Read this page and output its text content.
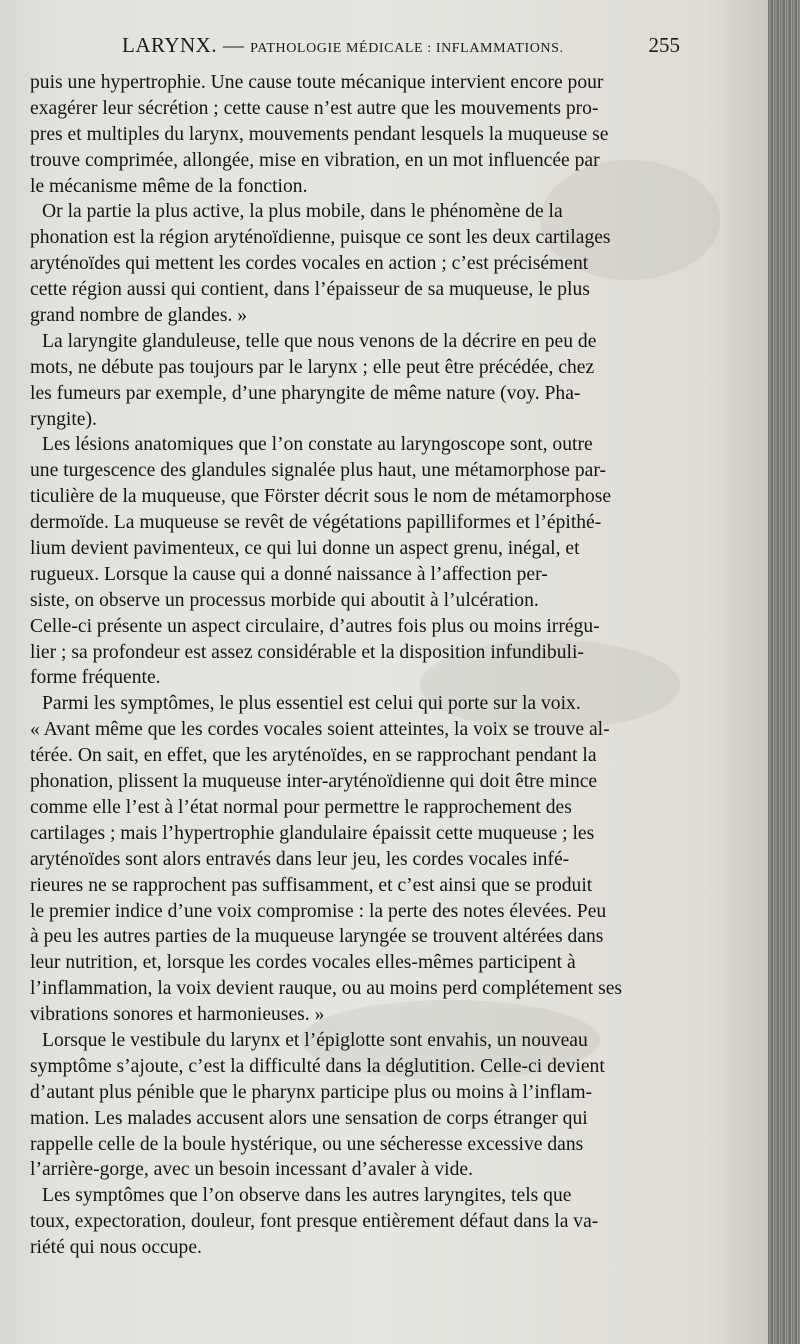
LARYNX. — PATHOLOGIE MÉDICALE : INFLAMMATIONS.	255
puis une hypertrophie. Une cause toute mécanique intervient encore pour
exagérer leur sécrétion ; cette cause n’est autre que les mouvements pro-
pres et multiples du larynx, mouvements pendant lesquels la muqueuse se
trouve comprimée, allongée, mise en vibration, en un mot influencée par
le mécanisme même de la fonction.
Or la partie la plus active, la plus mobile, dans le phénomène de la
phonation est la région aryténoïdienne, puisque ce sont les deux cartilages
aryténoïdes qui mettent les cordes vocales en action ; c’est précisément
cette région aussi qui contient, dans l’épaisseur de sa muqueuse, le plus
grand nombre de glandes. »
La laryngite glanduleuse, telle que nous venons de la décrire en peu de
mots, ne débute pas toujours par le larynx ; elle peut être précédée, chez
les fumeurs par exemple, d’une pharyngite de même nature (voy. Pha-
ryngite).
Les lésions anatomiques que l’on constate au laryngoscope sont, outre
une turgescence des glandules signalée plus haut, une métamorphose par-
ticulière de la muqueuse, que Förster décrit sous le nom de métamorphose
dermoïde. La muqueuse se revêt de végétations papilliformes et l’épithé-
lium devient pavimenteux, ce qui lui donne un aspect grenu, inégal, et
rugueux. Lorsque la cause qui a donné naissance à l’affection per-
siste, on observe un processus morbide qui aboutit à l’ulcération.
Celle-ci présente un aspect circulaire, d’autres fois plus ou moins irrégu-
lier ; sa profondeur est assez considérable et la disposition infundibuli-
forme fréquente.
Parmi les symptômes, le plus essentiel est celui qui porte sur la voix.
« Avant même que les cordes vocales soient atteintes, la voix se trouve al-
térée. On sait, en effet, que les aryténoïdes, en se rapprochant pendant la
phonation, plissent la muqueuse inter-aryténoïdienne qui doit être mince
comme elle l’est à l’état normal pour permettre le rapprochement des
cartilages ; mais l’hypertrophie glandulaire épaissit cette muqueuse ; les
aryténoïdes sont alors entravés dans leur jeu, les cordes vocales infé-
rieures ne se rapprochent pas suffisamment, et c’est ainsi que se produit
le premier indice d’une voix compromise : la perte des notes élevées. Peu
à peu les autres parties de la muqueuse laryngée se trouvent altérées dans
leur nutrition, et, lorsque les cordes vocales elles-mêmes participent à
l’inflammation, la voix devient rauque, ou au moins perd complétement ses
vibrations sonores et harmonieuses. »
Lorsque le vestibule du larynx et l’épiglotte sont envahis, un nouveau
symptôme s’ajoute, c’est la difficulté dans la déglutition. Celle-ci devient
d’autant plus pénible que le pharynx participe plus ou moins à l’inflam-
mation. Les malades accusent alors une sensation de corps étranger qui
rappelle celle de la boule hystérique, ou une sécheresse excessive dans
l’arrière-gorge, avec un besoin incessant d’avaler à vide.
Les symptômes que l’on observe dans les autres laryngites, tels que
toux, expectoration, douleur, font presque entièrement défaut dans la va-
riété qui nous occupe.
